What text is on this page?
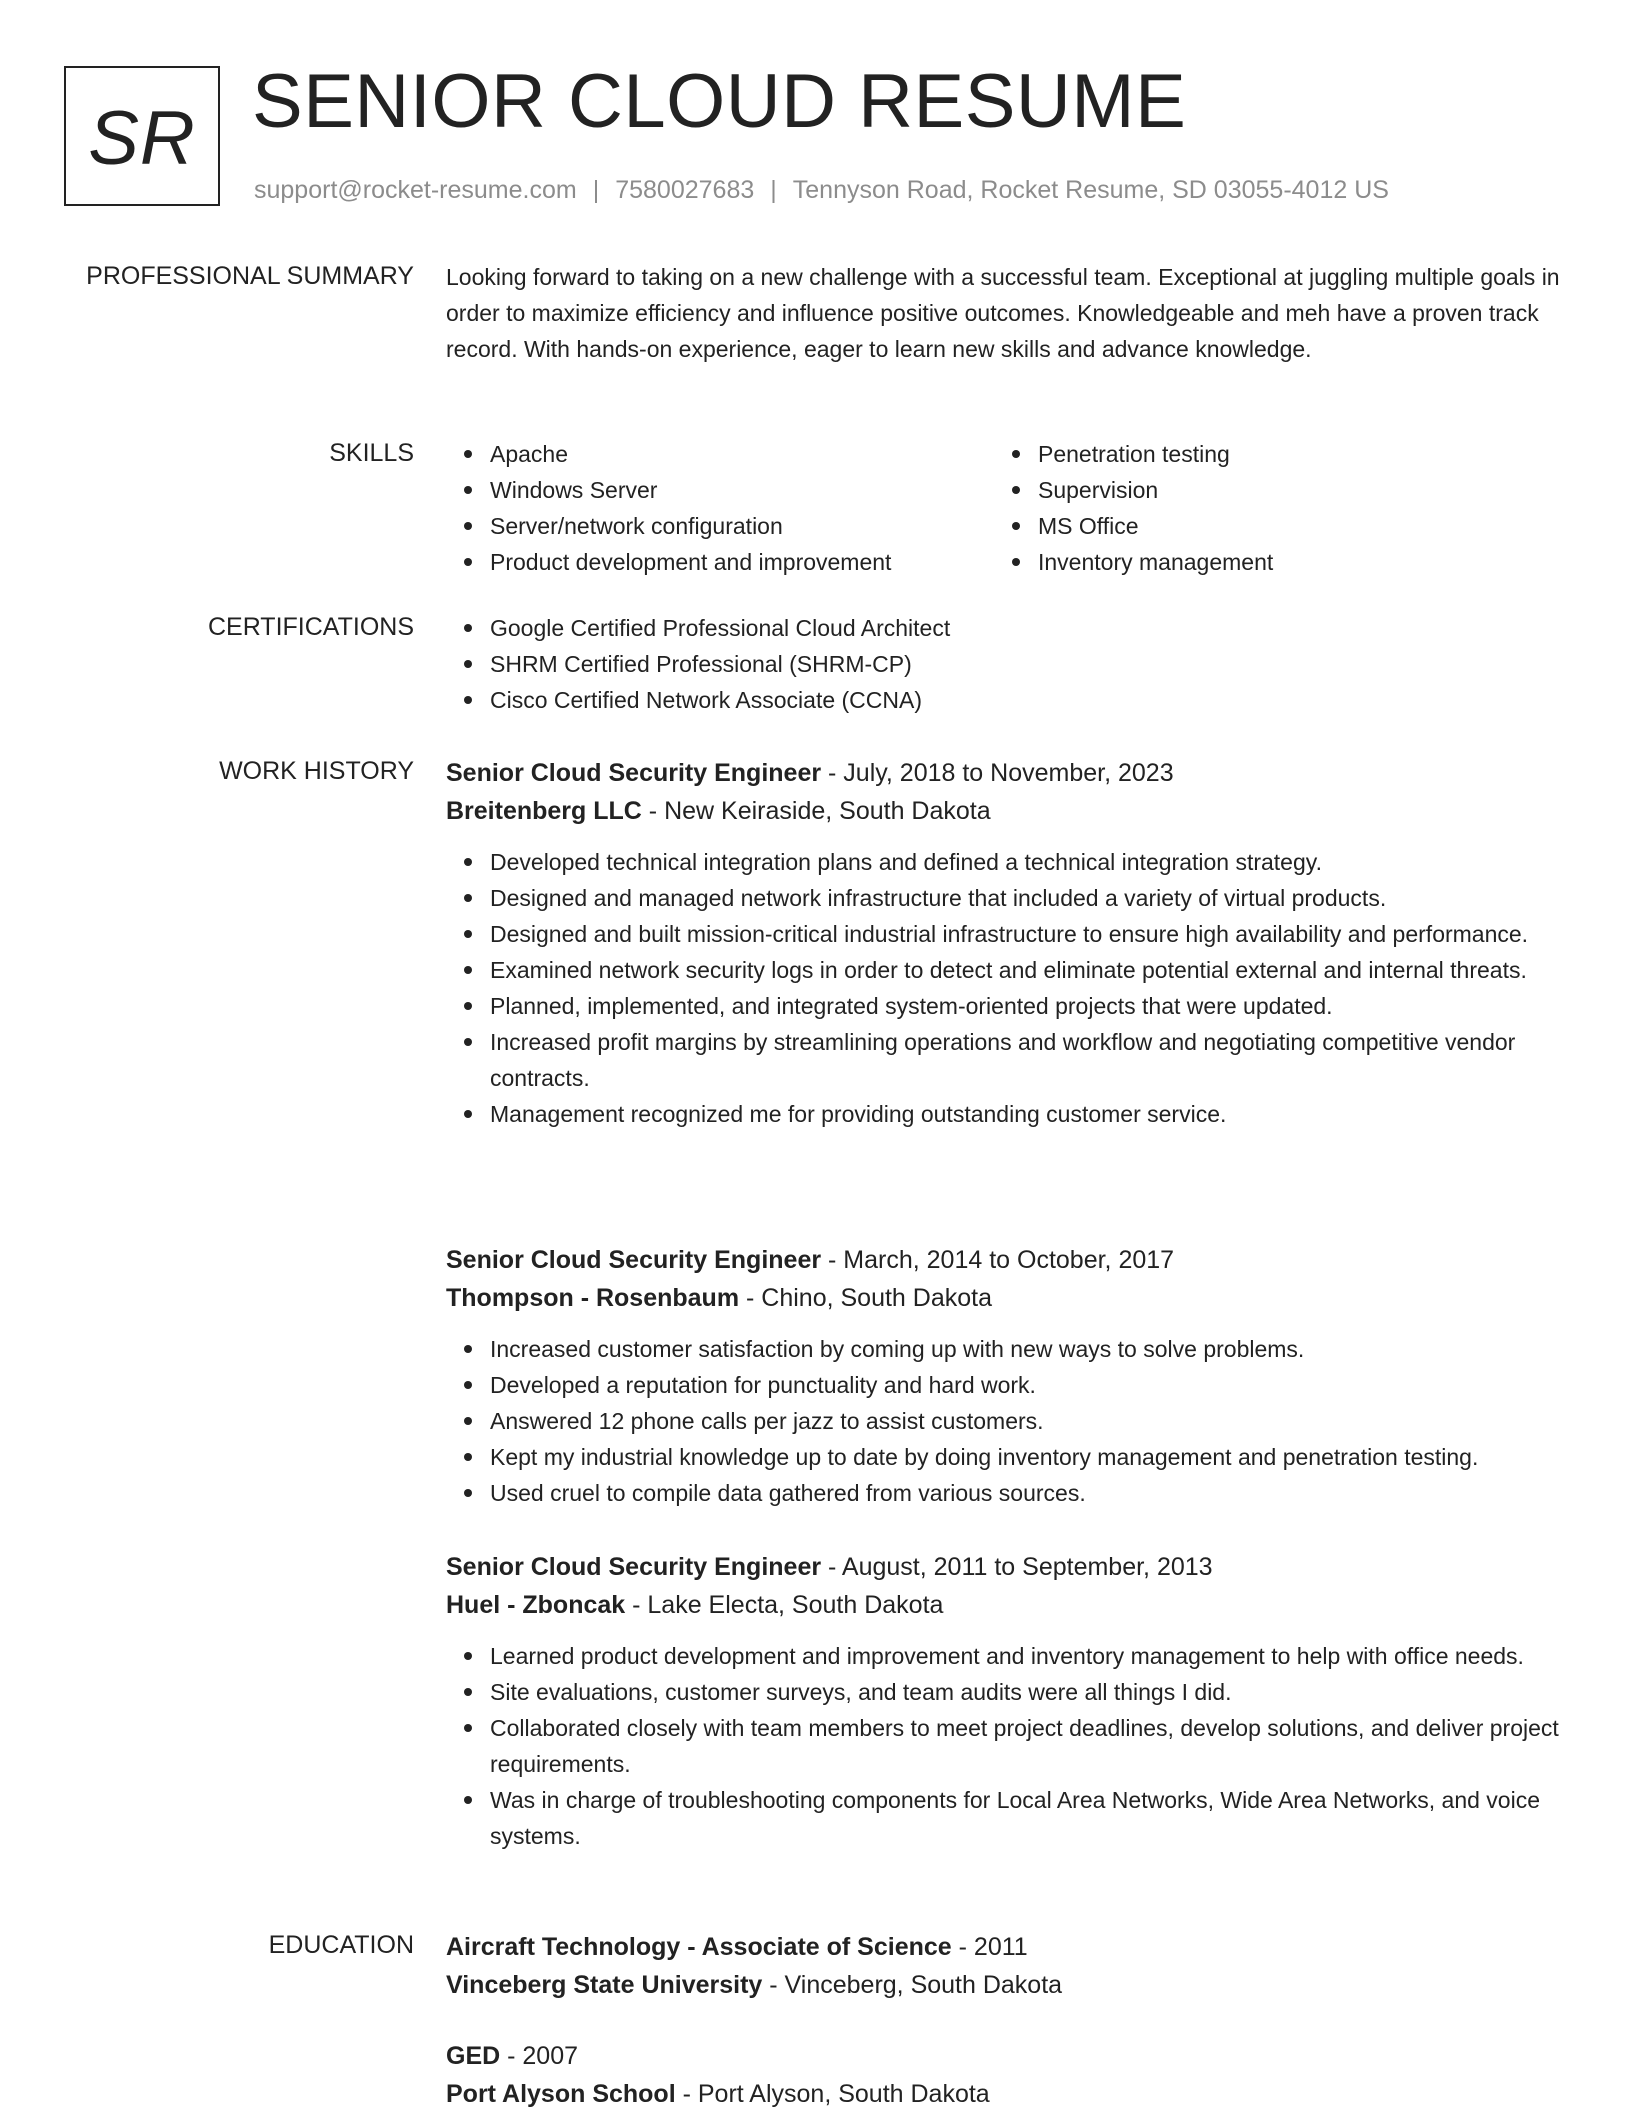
SR SENIOR CLOUD RESUME
support@rocket-resume.com | 7580027683 | Tennyson Road, Rocket Resume, SD 03055-4012 US
PROFESSIONAL SUMMARY Looking forward to taking on a new challenge with a successful team. Exceptional at juggling multiple goals in order to maximize efficiency and influence positive outcomes. Knowledgeable and meh have a proven track record. With hands-on experience, eager to learn new skills and advance knowledge.

SKILLS	Apache
Windows Server
Server/network configuration
Product development and improvement
Penetration testing
Supervision
MS Office
Inventory management
CERTIFICATIONS	Google Certified Professional Cloud Architect
SHRM Certified Professional (SHRM-CP)
Cisco Certified Network Associate (CCNA)
WORK HISTORY Senior Cloud Security Engineer - July, 2018 to November, 2023
Breitenberg LLC - New Keiraside, South Dakota
Developed technical integration plans and defined a technical integration strategy.
Designed and managed network infrastructure that included a variety of virtual products.
Designed and built mission-critical industrial infrastructure to ensure high availability and performance.
Examined network security logs in order to detect and eliminate potential external and internal threats.
Planned, implemented, and integrated system-oriented projects that were updated.
Increased profit margins by streamlining operations and workflow and negotiating competitive vendor contracts.
Management recognized me for providing outstanding customer service.
Senior Cloud Security Engineer - March, 2014 to October, 2017
Thompson - Rosenbaum - Chino, South Dakota
Increased customer satisfaction by coming up with new ways to solve problems.
Developed a reputation for punctuality and hard work.
Answered 12 phone calls per jazz to assist customers.
Kept my industrial knowledge up to date by doing inventory management and penetration testing.
Used cruel to compile data gathered from various sources.
Senior Cloud Security Engineer - August, 2011 to September, 2013
Huel - Zboncak - Lake Electa, South Dakota
Learned product development and improvement and inventory management to help with office needs.
Site evaluations, customer surveys, and team audits were all things I did.
Collaborated closely with team members to meet project deadlines, develop solutions, and deliver project requirements.
Was in charge of troubleshooting components for Local Area Networks, Wide Area Networks, and voice systems.
EDUCATION Aircraft Technology - Associate of Science - 2011
Vinceberg State University - Vinceberg, South Dakota
GED - 2007
Port Alyson School - Port Alyson, South Dakota
